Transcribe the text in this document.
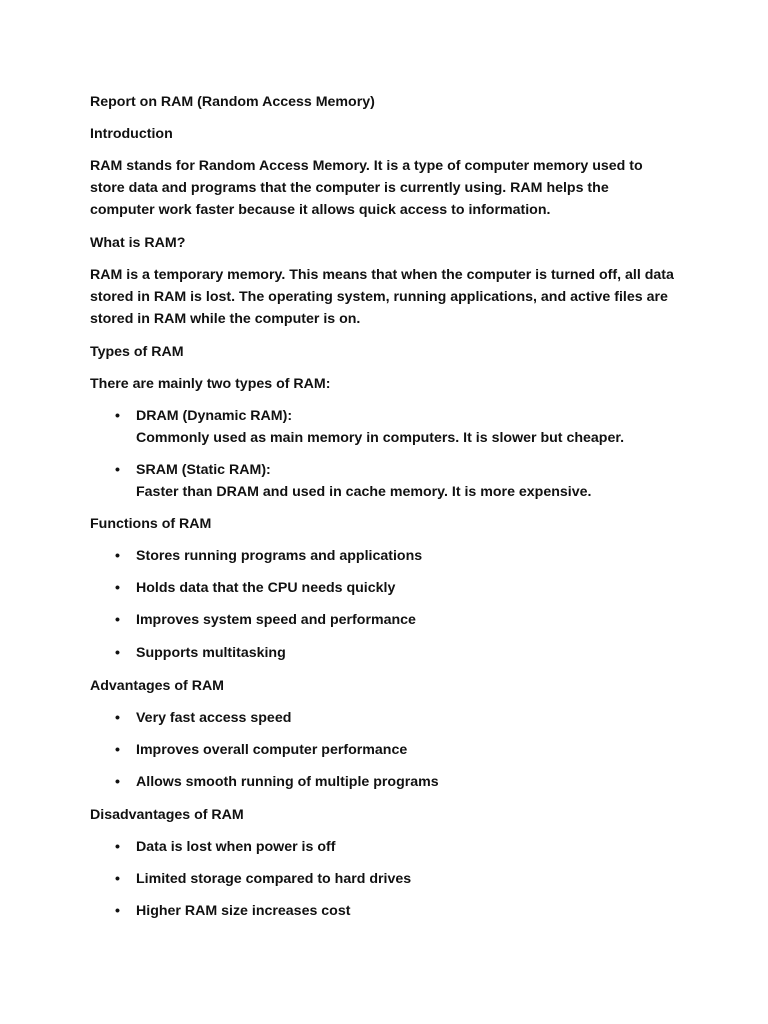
Report on RAM (Random Access Memory)
Introduction
RAM stands for Random Access Memory. It is a type of computer memory used to
store data and programs that the computer is currently using. RAM helps the
computer work faster because it allows quick access to information.
What is RAM?
RAM is a temporary memory. This means that when the computer is turned off, all data
stored in RAM is lost. The operating system, running applications, and active files are
stored in RAM while the computer is on.
Types of RAM
There are mainly two types of RAM:
• DRAM (Dynamic RAM):
Commonly used as main memory in computers. It is slower but cheaper.
• SRAM (Static RAM):
Faster than DRAM and used in cache memory. It is more expensive.
Functions of RAM
• Stores running programs and applications
• Holds data that the CPU needs quickly
• Improves system speed and performance
• Supports multitasking
Advantages of RAM
• Very fast access speed
• Improves overall computer performance
• Allows smooth running of multiple programs
Disadvantages of RAM
• Data is lost when power is off
• Limited storage compared to hard drives
• Higher RAM size increases cost
